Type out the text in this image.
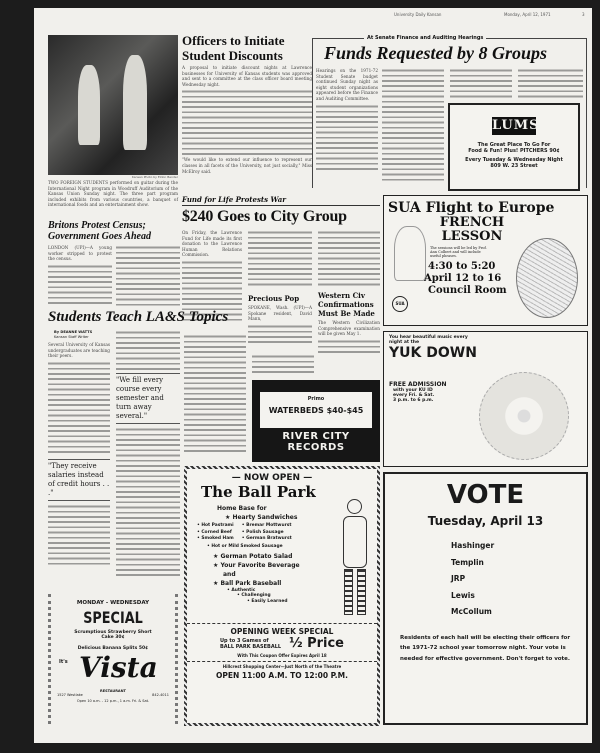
University Daily Kansan	Monday, April 12, 1971	3
Kansan Photo by Eldon Bender
TWO FOREIGN STUDENTS performed on guitar during the International Night program in Woodruff Auditorium of the Kansas Union Sunday night. The three part program included exhibits from various countries, a banquet of international foods and an entertainment show.
Officers to Initiate Student Discounts
A proposal to initiate discount nights at Lawrence businesses for University of Kansas students was approved and sent to a committee at the class officer board meeting Wednesday night.
"We would like to extend our influence to represent our classes in all facets of the University, not just socially," Miss McElroy said.
At Senate Finance and Auditing Hearings
Funds Requested by 8 Groups
Hearings on the 1971-72 Student Senate budget continued Sunday night as eight student organizations appeared before the Finance and Auditing Committee.
LUMS
The Great Place To Go For
Food & Fun! Plus! PITCHERS 90¢
Every Tuesday & Wednesday Night
809 W. 23 Street
Fund for Life Protests War
$240 Goes to City Group
On Friday, the Lawrence Fund for Life made its first donation to the Lawrence Human Relations Commission.
Precious Pop
SPOKANE, Wash. (UPI)—A Spokane resident, David Mann,
Western Civ Confirmations Must Be Made
The Western Civilization Comprehensive examination will be given May 1.
Britons Protest Census; Government Goes Ahead
LONDON (UPI)—A young worker stripped to protest the census.
Students Teach LA&S Topics
By DEANNE WATTS
Kansan Staff Writer
Several University of Kansas undergraduates are teaching their peers.
"They receive salaries instead of credit hours . . ."
"We fill every course every semester and turn away several."
Primo
WATERBEDS $40-$45
RIVER CITY RECORDS
— NOW OPEN —
The Ball Park
Home Base for
★ Hearty Sandwiches
• Hot Pastrami
• Corned Beef
• Smoked Ham
• Bremar Mottwurst
• Polish Sausage
• German Bratwurst
• Hot or Mild Smoked Sausage
★ German Potato Salad
★ Your Favorite Beverage
and
★ Ball Park Baseball
• Authentic
• Challenging
• Easily Learned
OPENING WEEK SPECIAL
Up to 3 Games of
BALL PARK BASEBALL ½ Price
With This Coupon Offer Expires April 18
Hillcrest Shopping Center—Just North of the Theatre
OPEN 11:00 A.M. TO 12:00 P.M.
MONDAY - WEDNESDAY
SPECIAL
Scrumptious Strawberry Short Cake 30¢
Delicious Banana Splits 50¢
It's Vista
RESTAURANT
1527 Westlake	842-4011
Open 10 a.m. - 12 p.m., 1 a.m. Fri. & Sat.
SUA Flight to Europe
FRENCH LESSON
The sessions will be led by Prof. Ann Colbert and will include useful phrases.
4:30 to 5:20
April 12 to 16
Council Room
SUA
You hear beautiful music every night at the
YUK DOWN
FREE ADMISSION
with your KU ID
every Fri. & Sat.
3 p.m. to 6 p.m.
VOTE
Tuesday, April 13
Hashinger
Templin
JRP
Lewis
McCollum
Residents of each hall will be electing their officers for the 1971-72 school year tomorrow night. Your vote is needed for effective government. Don't forget to vote.
